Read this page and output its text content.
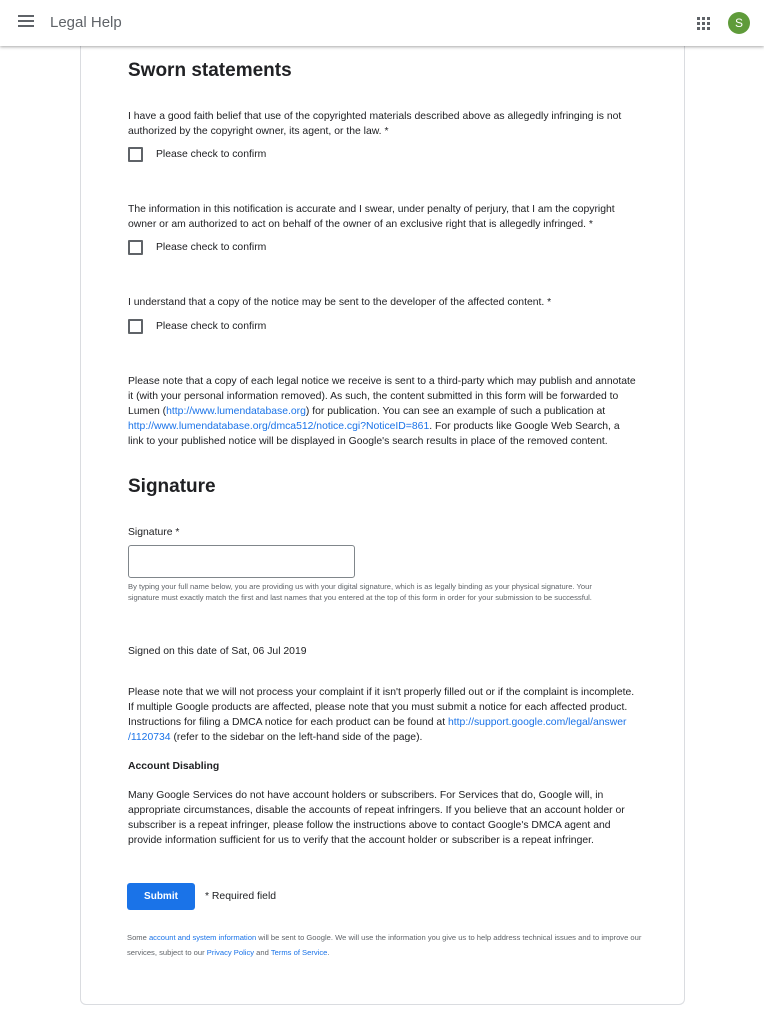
Legal Help	S
Sworn statements
I have a good faith belief that use of the copyrighted materials described above as allegedly infringing is not authorized by the copyright owner, its agent, or the law. *
Please check to confirm
The information in this notification is accurate and I swear, under penalty of perjury, that I am the copyright owner or am authorized to act on behalf of the owner of an exclusive right that is allegedly infringed. *
Please check to confirm
I understand that a copy of the notice may be sent to the developer of the affected content. *
Please check to confirm
Please note that a copy of each legal notice we receive is sent to a third-party which may publish and annotate it (with your personal information removed). As such, the content submitted in this form will be forwarded to Lumen (http://www.lumendatabase.org) for publication. You can see an example of such a publication at http://www.lumendatabase.org/dmca512/notice.cgi?NoticeID=861. For products like Google Web Search, a link to your published notice will be displayed in Google's search results in place of the removed content.
Signature
Signature *
By typing your full name below, you are providing us with your digital signature, which is as legally binding as your physical signature. Your signature must exactly match the first and last names that you entered at the top of this form in order for your submission to be successful.
Signed on this date of Sat, 06 Jul 2019
Please note that we will not process your complaint if it isn't properly filled out or if the complaint is incomplete. If multiple Google products are affected, please note that you must submit a notice for each affected product. Instructions for filing a DMCA notice for each product can be found at http://support.google.com/legal/answer
/1120734 (refer to the sidebar on the left-hand side of the page).
Account Disabling
Many Google Services do not have account holders or subscribers. For Services that do, Google will, in appropriate circumstances, disable the accounts of repeat infringers. If you believe that an account holder or subscriber is a repeat infringer, please follow the instructions above to contact Google's DMCA agent and provide information sufficient for us to verify that the account holder or subscriber is a repeat infringer.
Submit	* Required field
Some account and system information will be sent to Google. We will use the information you give us to help address technical issues and to improve our services, subject to our Privacy Policy and Terms of Service.
